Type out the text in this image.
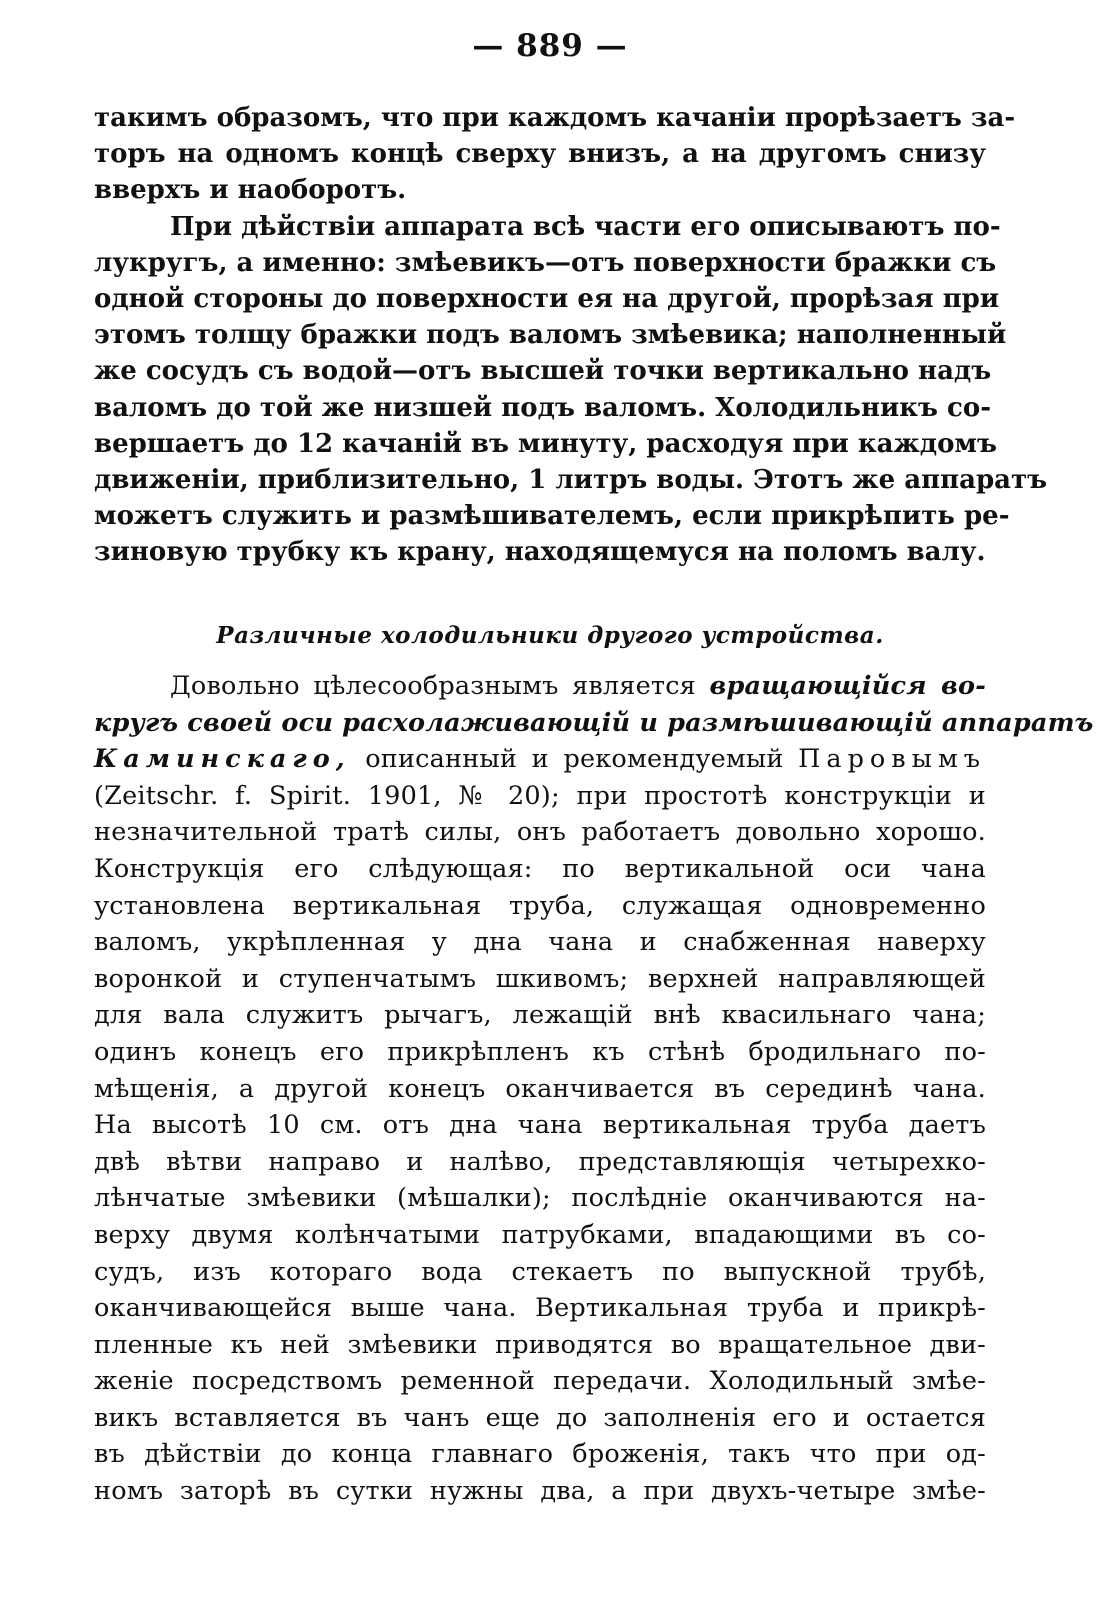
— 889 —
такимъ образомъ, что при каждомъ качаніи прорѣзаетъ за-
торъ на одномъ концѣ сверху внизъ, а на другомъ снизу
вверхъ и наоборотъ.
При дѣйствіи аппарата всѣ части его описываютъ по-
лукругъ, а именно: змѣевикъ—отъ поверхности бражки съ
одной стороны до поверхности ея на другой, прорѣзая при
этомъ толщу бражки подъ валомъ змѣевика; наполненный
же сосудъ съ водой—отъ высшей точки вертикально надъ
валомъ до той же низшей подъ валомъ. Холодильникъ со-
вершаетъ до 12 качаній въ минуту, расходуя при каждомъ
движеніи, приблизительно, 1 литръ воды. Этотъ же аппаратъ
можетъ служить и размѣшивателемъ, если прикрѣпить ре-
зиновую трубку къ крану, находящемуся на поломъ валу.
Различные холодильники другого устройства.
Довольно цѣлесообразнымъ является вращающійся во-
кругъ своей оси расхолаживающій и размѣшивающій аппаратъ
Каминскаго, описанный и рекомендуемый Паровымъ
(Zeitschr. f. Spirit. 1901, № 20); при простотѣ конструкціи и
незначительной тратѣ силы, онъ работаетъ довольно хорошо.
Конструкція его слѣдующая: по вертикальной оси чана
установлена вертикальная труба, служащая одновременно
валомъ, укрѣпленная у дна чана и снабженная наверху
воронкой и ступенчатымъ шкивомъ; верхней направляющей
для вала служитъ рычагъ, лежащій внѣ квасильнаго чана;
одинъ конецъ его прикрѣпленъ къ стѣнѣ бродильнаго по-
мѣщенія, а другой конецъ оканчивается въ серединѣ чана.
На высотѣ 10 см. отъ дна чана вертикальная труба даетъ
двѣ вѣтви направо и налѣво, представляющія четырехко-
лѣнчатые змѣевики (мѣшалки); послѣдніе оканчиваются на-
верху двумя колѣнчатыми патрубками, впадающими въ со-
судъ, изъ котораго вода стекаетъ по выпускной трубѣ,
оканчивающейся выше чана. Вертикальная труба и прикрѣ-
пленные къ ней змѣевики приводятся во вращательное дви-
женіе посредствомъ ременной передачи. Холодильный змѣе-
викъ вставляется въ чанъ еще до заполненія его и остается
въ дѣйствіи до конца главнаго броженія, такъ что при од-
номъ заторѣ въ сутки нужны два, а при двухъ-четыре змѣе-
